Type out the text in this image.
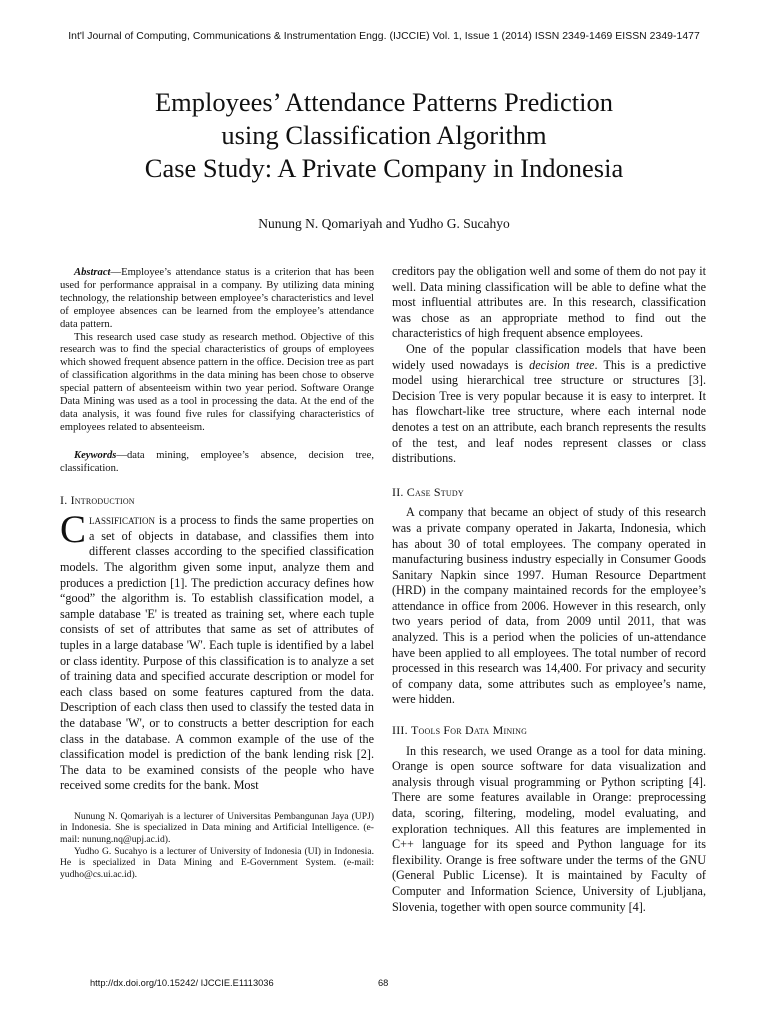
Int'l Journal of Computing, Communications & Instrumentation Engg. (IJCCIE) Vol. 1, Issue 1 (2014) ISSN 2349-1469 EISSN 2349-1477
Employees’ Attendance Patterns Prediction
using Classification Algorithm
Case Study: A Private Company in Indonesia
Nunung N. Qomariyah and Yudho G. Sucahyo

Abstract—Employee’s attendance status is a criterion that has been used for performance appraisal in a company. By utilizing data mining technology, the relationship between employee’s characteristics and level of employee absences can be learned from the employee’s attendance data pattern.

This research used case study as research method. Objective of this research was to find the special characteristics of groups of employees which showed frequent absence pattern in the office. Decision tree as part of classification algorithms in the data mining has been chose to observe special pattern of absenteeism within two year period. Software Orange Data Mining was used as a tool in processing the data. At the end of the data analysis, it was found five rules for classifying characteristics of employees related to absenteeism.

Keywords—data mining, employee’s absence, decision tree, classification.

I. Introduction

Classification is a process to finds the same properties on a set of objects in database, and classifies them into different classes according to the specified classification models. The algorithm given some input, analyze them and produces a prediction [1]. The prediction accuracy defines how “good” the algorithm is. To establish classification model, a sample database 'E' is treated as training set, where each tuple consists of set of attributes that same as set of attributes of tuples in a large database 'W'. Each tuple is identified by a label or class identity. Purpose of this classification is to analyze a set of training data and specified accurate description or model for each class based on some features captured from the data. Description of each class then used to classify the tested data in the database 'W', or to constructs a better description for each class in the database. A common example of the use of the classification model is prediction of the bank lending risk [2]. The data to be examined consists of the people who have received some credits for the bank. Most

Nunung N. Qomariyah is a lecturer of Universitas Pembangunan Jaya (UPJ) in Indonesia. She is specialized in Data mining and Artificial Intelligence. (e-mail: nunung.nq@upj.ac.id).

Yudho G. Sucahyo is a lecturer of University of Indonesia (UI) in Indonesia. He is specialized in Data Mining and E-Government System. (e-mail: yudho@cs.ui.ac.id).

creditors pay the obligation well and some of them do not pay it well. Data mining classification will be able to define what the most influential attributes are. In this research, classification was chose as an appropriate method to find out the characteristics of high frequent absence employees.

One of the popular classification models that have been widely used nowadays is decision tree. This is a predictive model using hierarchical tree structure or structures [3]. Decision Tree is very popular because it is easy to interpret. It has flowchart-like tree structure, where each internal node denotes a test on an attribute, each branch represents the results of the test, and leaf nodes represent classes or class distributions.

II. Case Study

A company that became an object of study of this research was a private company operated in Jakarta, Indonesia, which has about 30 of total employees. The company operated in manufacturing business industry especially in Consumer Goods Sanitary Napkin since 1997. Human Resource Department (HRD) in the company maintained records for the employee’s attendance in office from 2006. However in this research, only two years period of data, from 2009 until 2011, that was analyzed. This is a period when the policies of un-attendance have been applied to all employees. The total number of record processed in this research was 14,400. For privacy and security of company data, some attributes such as employee’s name, were hidden.

III. Tools For Data Mining

In this research, we used Orange as a tool for data mining. Orange is open source software for data visualization and analysis through visual programming or Python scripting [4]. There are some features available in Orange: preprocessing data, scoring, filtering, modeling, model evaluating, and exploration techniques. All this features are implemented in C++ language for its speed and Python language for its flexibility. Orange is free software under the terms of the GNU (General Public License). It is maintained by Faculty of Computer and Information Science, University of Ljubljana, Slovenia, together with open source community [4].

http://dx.doi.org/10.15242/ IJCCIE.E1113036	68
